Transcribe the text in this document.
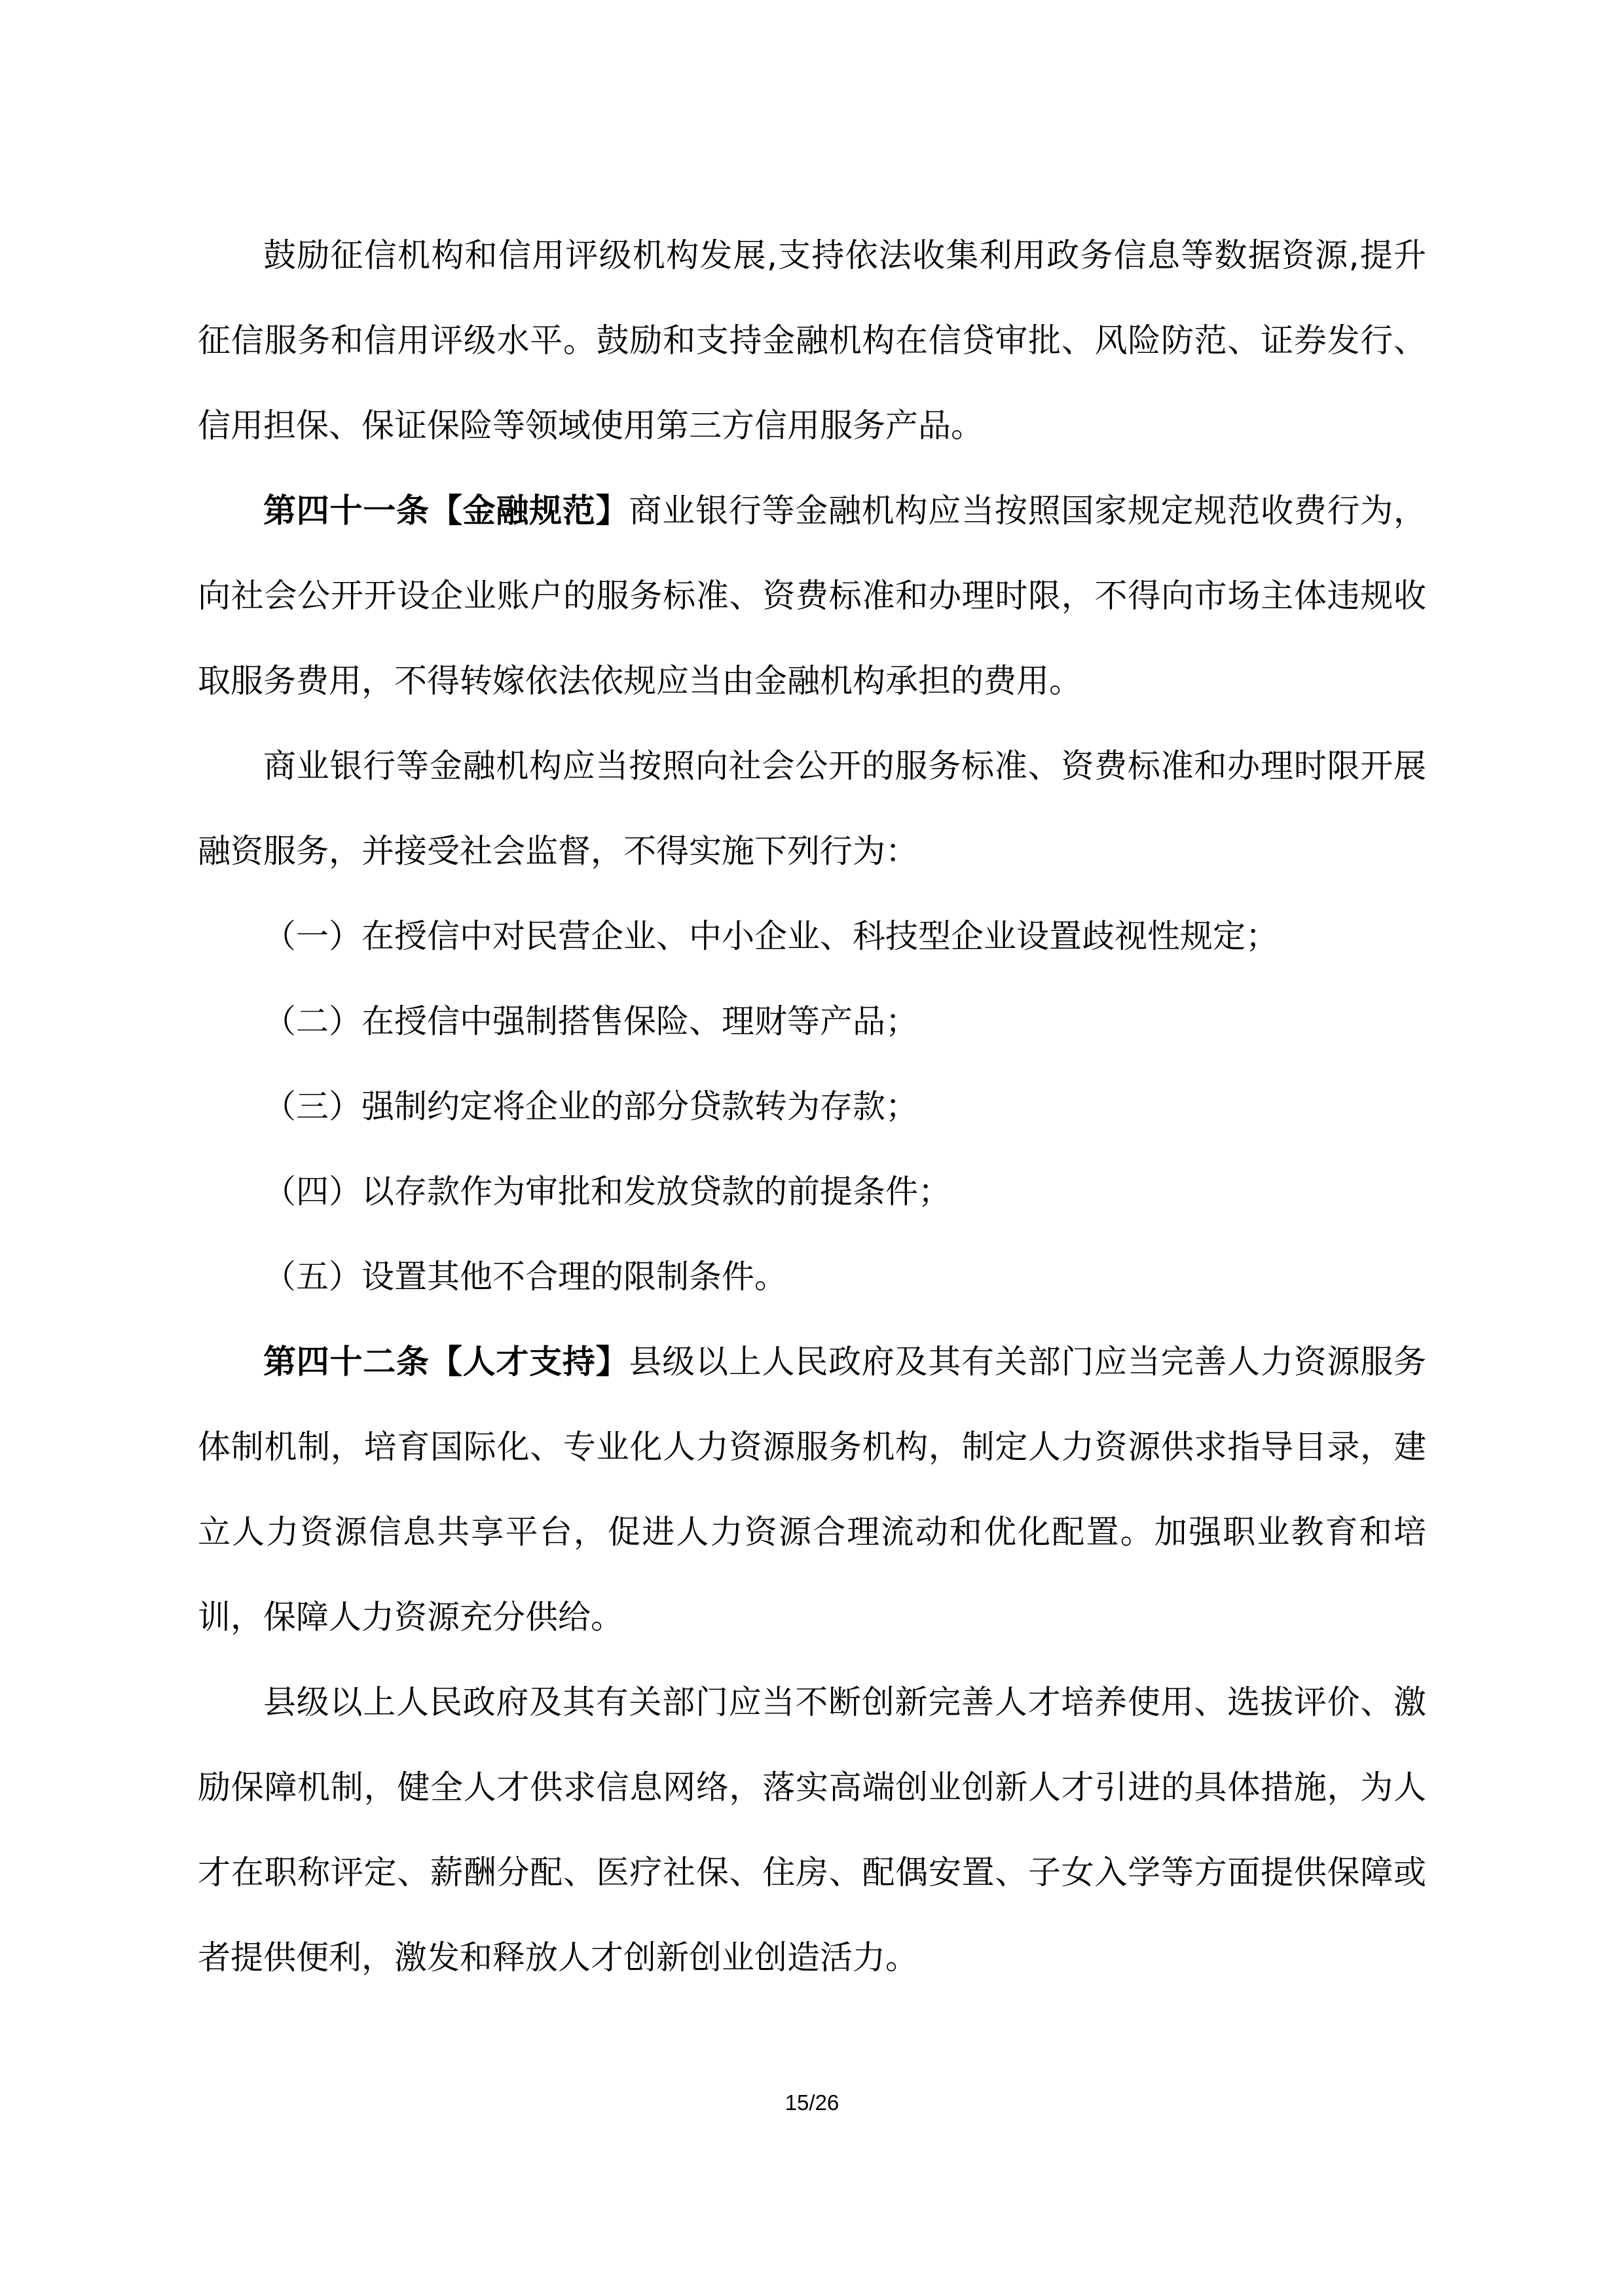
鼓励征信机构和信用评级机构发展,支持依法收集利用政务信息等数据资源,提升征信服务和信用评级水平。鼓励和支持金融机构在信贷审批、风险防范、证券发行、信用担保、保证保险等领域使用第三方信用服务产品。

第四十一条【金融规范】商业银行等金融机构应当按照国家规定规范收费行为，向社会公开开设企业账户的服务标准、资费标准和办理时限，不得向市场主体违规收取服务费用，不得转嫁依法依规应当由金融机构承担的费用。

商业银行等金融机构应当按照向社会公开的服务标准、资费标准和办理时限开展融资服务，并接受社会监督，不得实施下列行为：

（一）在授信中对民营企业、中小企业、科技型企业设置歧视性规定；

（二）在授信中强制搭售保险、理财等产品；

（三）强制约定将企业的部分贷款转为存款；

（四）以存款作为审批和发放贷款的前提条件；

（五）设置其他不合理的限制条件。

第四十二条【人才支持】县级以上人民政府及其有关部门应当完善人力资源服务体制机制，培育国际化、专业化人力资源服务机构，制定人力资源供求指导目录，建立人力资源信息共享平台，促进人力资源合理流动和优化配置。加强职业教育和培训，保障人力资源充分供给。

县级以上人民政府及其有关部门应当不断创新完善人才培养使用、选拔评价、激励保障机制，健全人才供求信息网络，落实高端创业创新人才引进的具体措施，为人才在职称评定、薪酬分配、医疗社保、住房、配偶安置、子女入学等方面提供保障或者提供便利，激发和释放人才创新创业创造活力。

15/26
